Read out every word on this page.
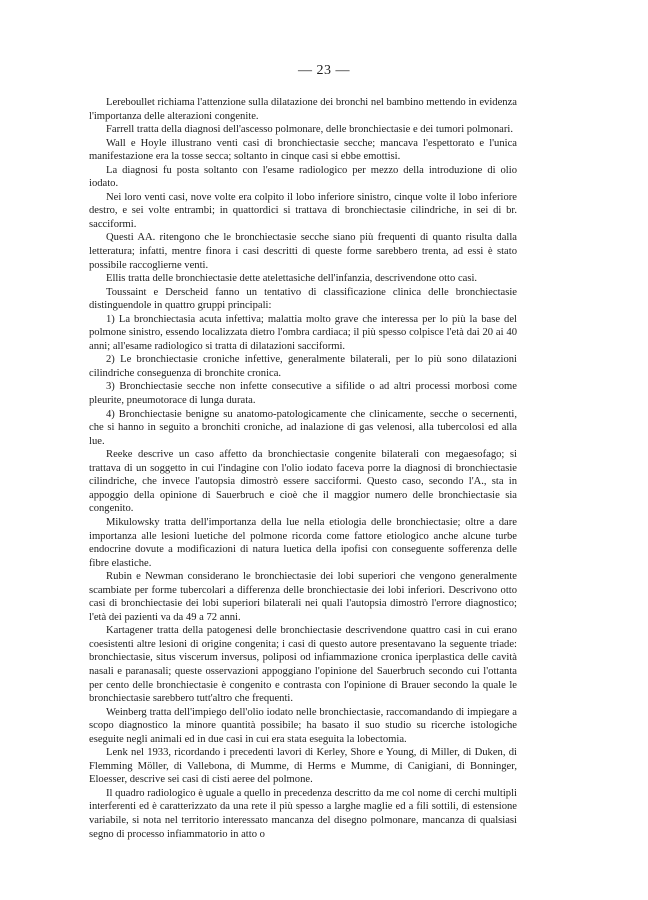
— 23 —

Lereboullet richiama l'attenzione sulla dilatazione dei bronchi nel bambino mettendo in evidenza l'importanza delle alterazioni congenite.

Farrell tratta della diagnosi dell'ascesso polmonare, delle bronchiectasie e dei tumori polmonari.

Wall e Hoyle illustrano venti casi di bronchiectasie secche; mancava l'espettorato e l'unica manifestazione era la tosse secca; soltanto in cinque casi si ebbe emottisi.

La diagnosi fu posta soltanto con l'esame radiologico per mezzo della introduzione di olio iodato.

Nei loro venti casi, nove volte era colpito il lobo inferiore sinistro, cinque volte il lobo inferiore destro, e sei volte entrambi; in quattordici si trattava di bronchiectasie cilindriche, in sei di br. sacciformi.

Questi AA. ritengono che le bronchiectasie secche siano più frequenti di quanto risulta dalla letteratura; infatti, mentre finora i casi descritti di queste forme sarebbero trenta, ad essi è stato possibile raccoglierne venti.

Ellis tratta delle bronchiectasie dette atelettasiche dell'infanzia, descrivendone otto casi.

Toussaint e Derscheid fanno un tentativo di classificazione clinica delle bronchiectasie distinguendole in quattro gruppi principali:

1) La bronchiectasia acuta infettiva; malattia molto grave che interessa per lo più la base del polmone sinistro, essendo localizzata dietro l'ombra cardiaca; il più spesso colpisce l'età dai 20 ai 40 anni; all'esame radiologico si tratta di dilatazioni sacciformi.

2) Le bronchiectasie croniche infettive, generalmente bilaterali, per lo più sono dilatazioni cilindriche conseguenza di bronchite cronica.

3) Bronchiectasie secche non infette consecutive a sifilide o ad altri processi morbosi come pleurite, pneumotorace di lunga durata.

4) Bronchiectasie benigne su anatomo-patologicamente che clinicamente, secche o secernenti, che si hanno in seguito a bronchiti croniche, ad inalazione di gas velenosi, alla tubercolosi ed alla lue.

Reeke descrive un caso affetto da bronchiectasie congenite bilaterali con megaesofago; si trattava di un soggetto in cui l'indagine con l'olio iodato faceva porre la diagnosi di bronchiectasie cilindriche, che invece l'autopsia dimostrò essere sacciformi. Questo caso, secondo l'A., sta in appoggio della opinione di Sauerbruch e cioè che il maggior numero delle bronchiectasie sia congenito.

Mikulowsky tratta dell'importanza della lue nella etiologia delle bronchiectasie; oltre a dare importanza alle lesioni luetiche del polmone ricorda come fattore etiologico anche alcune turbe endocrine dovute a modificazioni di natura luetica della ipofisi con conseguente sofferenza delle fibre elastiche.

Rubin e Newman considerano le bronchiectasie dei lobi superiori che vengono generalmente scambiate per forme tubercolari a differenza delle bronchiectasie dei lobi inferiori. Descrivono otto casi di bronchiectasie dei lobi superiori bilaterali nei quali l'autopsia dimostrò l'errore diagnostico; l'età dei pazienti va da 49 a 72 anni.

Kartagener tratta della patogenesi delle bronchiectasie descrivendone quattro casi in cui erano coesistenti altre lesioni di origine congenita; i casi di questo autore presentavano la seguente triade: bronchiectasie, situs viscerum inversus, poliposi od infiammazione cronica iperplastica delle cavità nasali e paranasali; queste osservazioni appoggiano l'opinione del Sauerbruch secondo cui l'ottanta per cento delle bronchiectasie è congenito e contrasta con l'opinione di Brauer secondo la quale le bronchiectasie sarebbero tutt'altro che frequenti.

Weinberg tratta dell'impiego dell'olio iodato nelle bronchiectasie, raccomandando di impiegare a scopo diagnostico la minore quantità possibile; ha basato il suo studio su ricerche istologiche eseguite negli animali ed in due casi in cui era stata eseguita la lobectomia.

Lenk nel 1933, ricordando i precedenti lavori di Kerley, Shore e Young, di Miller, di Duken, di Flemming Möller, di Vallebona, di Mumme, di Herms e Mumme, di Canigiani, di Bonninger, Eloesser, descrive sei casi di cisti aeree del polmone.

Il quadro radiologico è uguale a quello in precedenza descritto da me col nome di cerchi multipli interferenti ed è caratterizzato da una rete il più spesso a larghe maglie ed a fili sottili, di estensione variabile, si nota nel territorio interessato mancanza del disegno polmonare, mancanza di qualsiasi segno di processo infiammatorio in atto o
